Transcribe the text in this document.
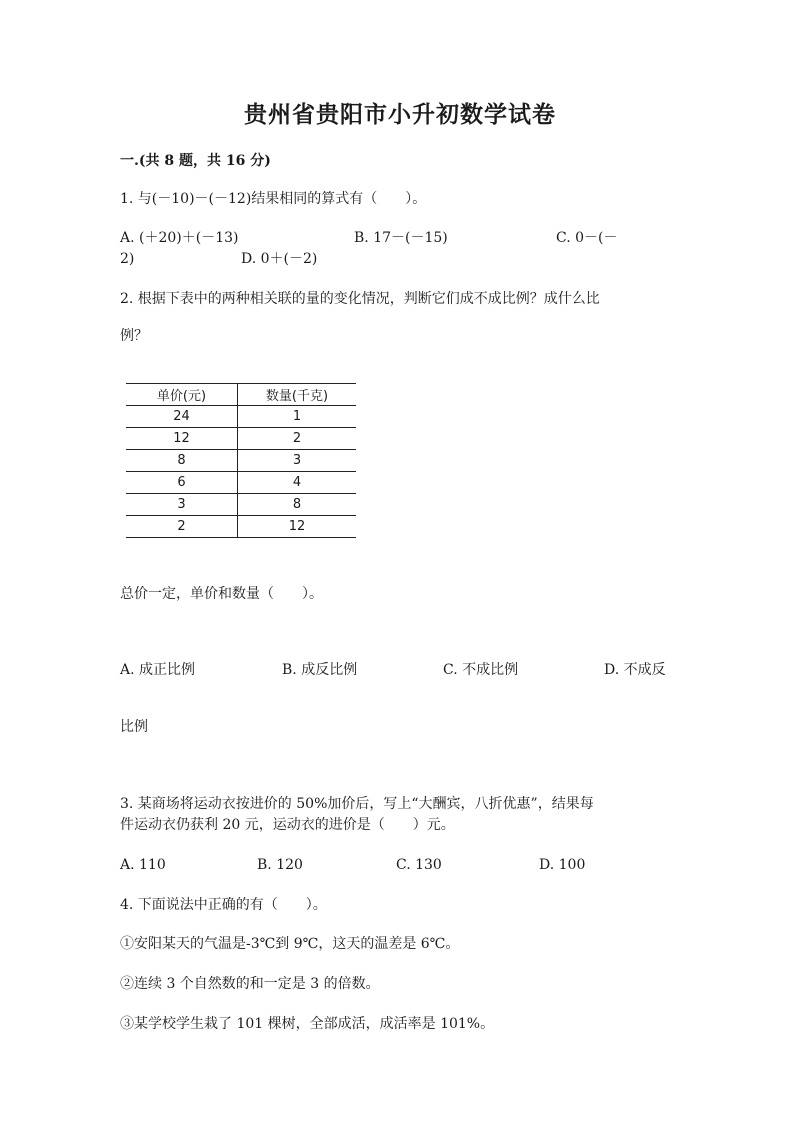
贵州省贵阳市小升初数学试卷
一.(共 8 题，共 16 分)
1. 与(－10)－(－12)结果相同的算式有（　　）。
A. (＋20)＋(－13)	B. 17－(－15)	C. 0－(－
2)	D. 0＋(－2)
2. 根据下表中的两种相关联的量的变化情况，判断它们成不成比例？成什么比
例？
单价(元)	数量(千克)
24	1
12	2
8	3
6	4
3	8
2	12
总价一定，单价和数量（　　）。
A. 成正比例	B. 成反比例	C. 不成比例	D. 不成反
比例
3. 某商场将运动衣按进价的 50%加价后，写上“大酬宾，八折优惠”，结果每
件运动衣仍获利 20 元，运动衣的进价是（　　）元。
A. 110	B. 120	C. 130	D. 100
4. 下面说法中正确的有（　　）。
①安阳某天的气温是-3℃到 9℃，这天的温差是 6℃。
②连续 3 个自然数的和一定是 3 的倍数。
③某学校学生栽了 101 棵树，全部成活，成活率是 101%。
